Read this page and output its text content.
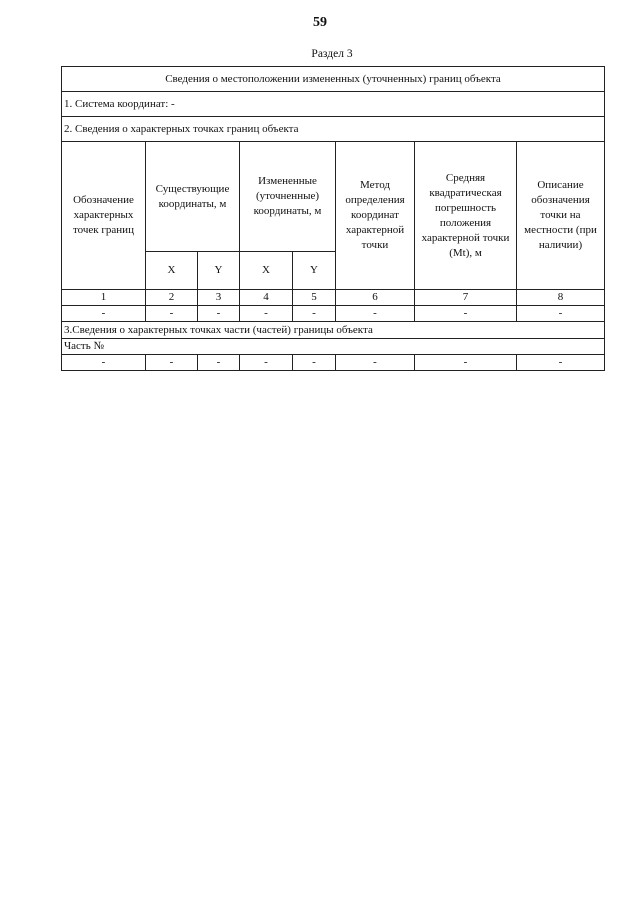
59
Раздел 3
Сведения о местоположении измененных (уточненных) границ объекта							
1. Система координат: -							
2. Сведения о характерных точках границ объекта							
Обозначение характерных точек границ	Существующие координаты, м		Измененные (уточненные) координаты, м		Метод определения координат характерной точки	Средняя квадратическая погрешность положения характерной точки (Mt), м	Описание обозначения точки на местности (при наличии)
	X	Y	X	Y			
1	2	3	4	5	6	7	8
-	-	-	-	-	-	-	-
3.Сведения о характерных точках части (частей) границы объекта							
Часть №							
-	-	-	-	-	-	-	-
